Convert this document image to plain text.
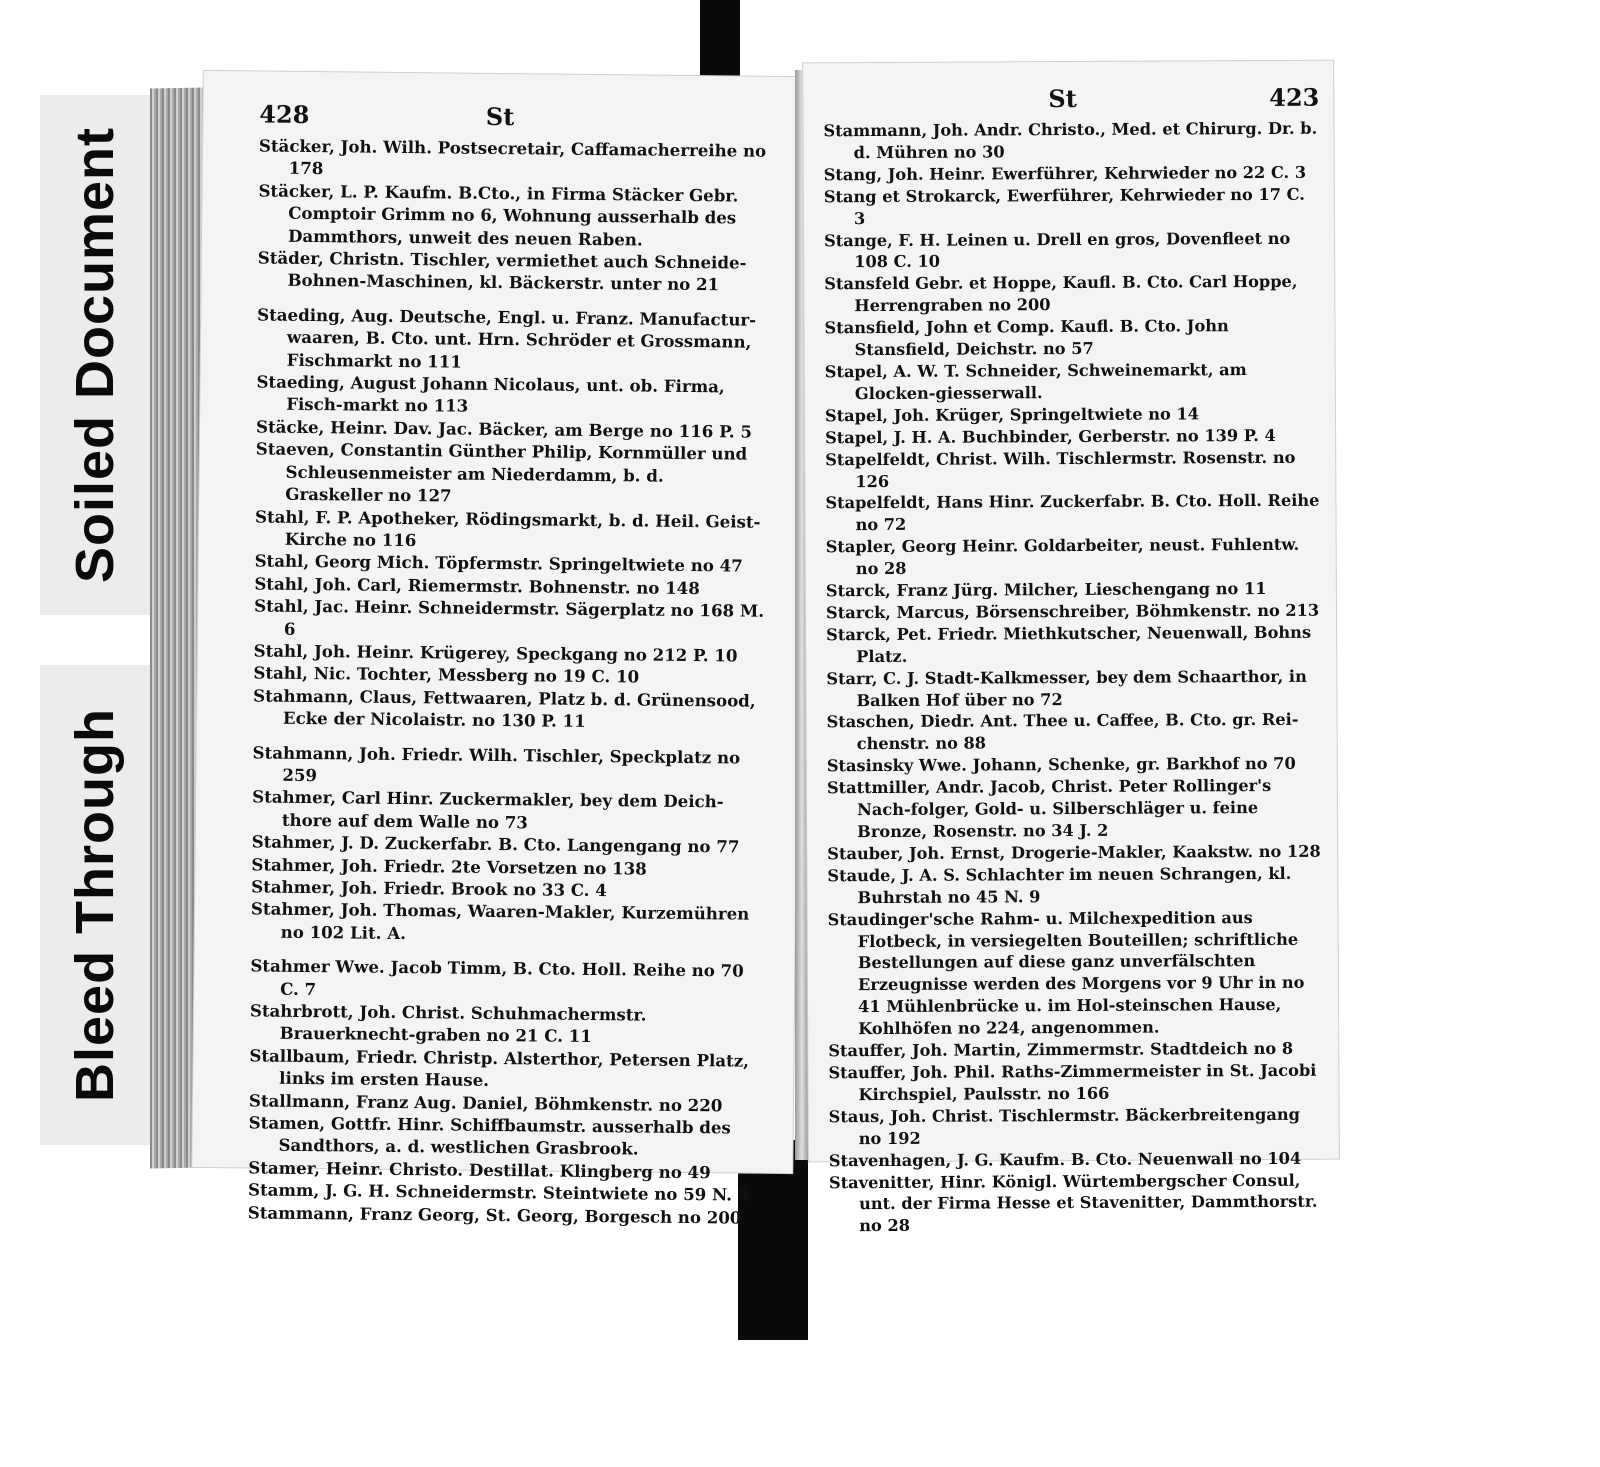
Soiled Document
Bleed Through
428	St
Stäcker, Joh. Wilh. Postsecretair, Caffamacherreihe no 178
Stäcker, L. P. Kaufm. B.Cto., in Firma Stäcker Gebr. Comptoir Grimm no 6, Wohnung ausserhalb des Dammthors, unweit des neuen Raben.
Städer, Christn. Tischler, vermiethet auch Schneide-Bohnen-Maschinen, kl. Bäckerstr. unter no 21
Staeding, Aug. Deutsche, Engl. u. Franz. Manufactur-waaren, B. Cto. unt. Hrn. Schröder et Grossmann, Fischmarkt no 111
Staeding, August Johann Nicolaus, unt. ob. Firma, Fisch-markt no 113
Stäcke, Heinr. Dav. Jac. Bäcker, am Berge no 116 P. 5
Staeven, Constantin Günther Philip, Kornmüller und Schleusenmeister am Niederdamm, b. d. Graskeller no 127
Stahl, F. P. Apotheker, Rödingsmarkt, b. d. Heil. Geist-Kirche no 116
Stahl, Georg Mich. Töpfermstr. Springeltwiete no 47
Stahl, Joh. Carl, Riemermstr. Bohnenstr. no 148
Stahl, Jac. Heinr. Schneidermstr. Sägerplatz no 168 M. 6
Stahl, Joh. Heinr. Krügerey, Speckgang no 212 P. 10
Stahl, Nic. Tochter, Messberg no 19 C. 10
Stahmann, Claus, Fettwaaren, Platz b. d. Grünensood, Ecke der Nicolaistr. no 130 P. 11
Stahmann, Joh. Friedr. Wilh. Tischler, Speckplatz no 259
Stahmer, Carl Hinr. Zuckermakler, bey dem Deich-thore auf dem Walle no 73
Stahmer, J. D. Zuckerfabr. B. Cto. Langengang no 77
Stahmer, Joh. Friedr. 2te Vorsetzen no 138
Stahmer, Joh. Friedr. Brook no 33 C. 4
Stahmer, Joh. Thomas, Waaren-Makler, Kurzemühren no 102 Lit. A.
Stahmer Wwe. Jacob Timm, B. Cto. Holl. Reihe no 70 C. 7
Stahrbrott, Joh. Christ. Schuhmachermstr. Brauerknecht-graben no 21 C. 11
Stallbaum, Friedr. Christp. Alsterthor, Petersen Platz, links im ersten Hause.
Stallmann, Franz Aug. Daniel, Böhmkenstr. no 220
Stamen, Gottfr. Hinr. Schiffbaumstr. ausserhalb des Sandthors, a. d. westlichen Grasbrook.
Stamer, Heinr. Christo. Destillat. Klingberg no 49
Stamm, J. G. H. Schneidermstr. Steintwiete no 59 N. 5
Stammann, Franz Georg, St. Georg, Borgesch no 200
St	423
Stammann, Joh. Andr. Christo., Med. et Chirurg. Dr. b. d. Mühren no 30
Stang, Joh. Heinr. Ewerführer, Kehrwieder no 22 C. 3
Stang et Strokarck, Ewerführer, Kehrwieder no 17 C. 3
Stange, F. H. Leinen u. Drell en gros, Dovenfleet no 108 C. 10
Stansfeld Gebr. et Hoppe, Kaufl. B. Cto. Carl Hoppe, Herrengraben no 200
Stansfield, John et Comp. Kaufl. B. Cto. John Stansfield, Deichstr. no 57
Stapel, A. W. T. Schneider, Schweinemarkt, am Glocken-giesserwall.
Stapel, Joh. Krüger, Springeltwiete no 14
Stapel, J. H. A. Buchbinder, Gerberstr. no 139 P. 4
Stapelfeldt, Christ. Wilh. Tischlermstr. Rosenstr. no 126
Stapelfeldt, Hans Hinr. Zuckerfabr. B. Cto. Holl. Reihe no 72
Stapler, Georg Heinr. Goldarbeiter, neust. Fuhlentw. no 28
Starck, Franz Jürg. Milcher, Lieschengang no 11
Starck, Marcus, Börsenschreiber, Böhmkenstr. no 213
Starck, Pet. Friedr. Miethkutscher, Neuenwall, Bohns Platz.
Starr, C. J. Stadt-Kalkmesser, bey dem Schaarthor, in Balken Hof über no 72
Staschen, Diedr. Ant. Thee u. Caffee, B. Cto. gr. Rei-chenstr. no 88
Stasinsky Wwe. Johann, Schenke, gr. Barkhof no 70
Stattmiller, Andr. Jacob, Christ. Peter Rollinger's Nach-folger, Gold- u. Silberschläger u. feine Bronze, Rosenstr. no 34 J. 2
Stauber, Joh. Ernst, Drogerie-Makler, Kaakstw. no 128
Staude, J. A. S. Schlachter im neuen Schrangen, kl. Buhrstah no 45 N. 9
Staudinger'sche Rahm- u. Milchexpedition aus Flotbeck, in versiegelten Bouteillen; schriftliche Bestellungen auf diese ganz unverfälschten Erzeugnisse werden des Morgens vor 9 Uhr in no 41 Mühlenbrücke u. im Hol-steinschen Hause, Kohlhöfen no 224, angenommen.
Stauffer, Joh. Martin, Zimmermstr. Stadtdeich no 8
Stauffer, Joh. Phil. Raths-Zimmermeister in St. Jacobi Kirchspiel, Paulsstr. no 166
Staus, Joh. Christ. Tischlermstr. Bäckerbreitengang no 192
Stavenhagen, J. G. Kaufm. B. Cto. Neuenwall no 104
Stavenitter, Hinr. Königl. Würtembergscher Consul, unt. der Firma Hesse et Stavenitter, Dammthorstr. no 28
